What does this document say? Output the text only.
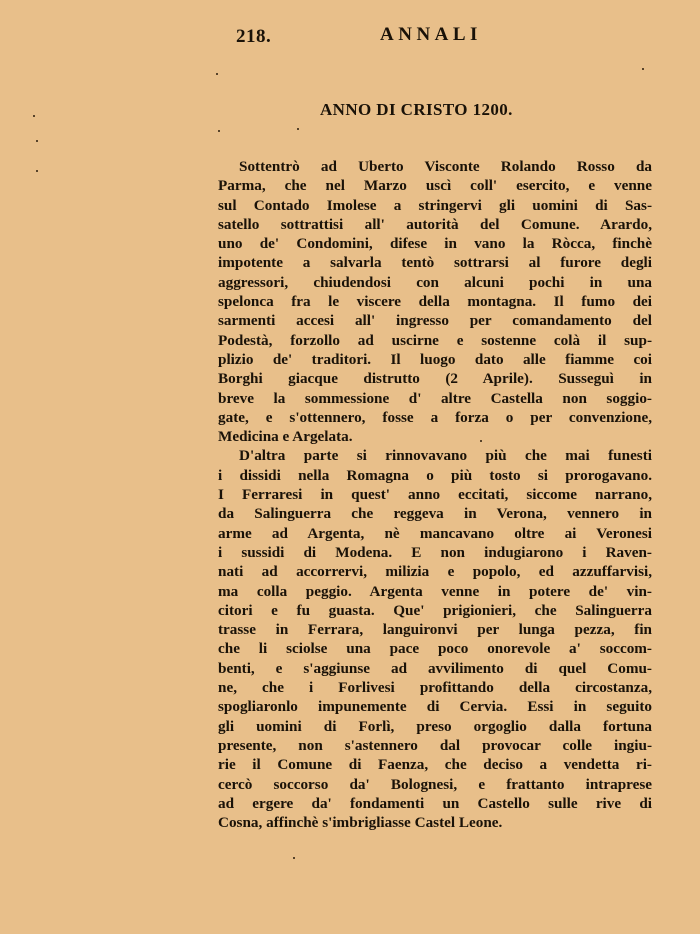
218.	ANNALI
ANNO DI CRISTO 1200.
Sottentrò ad Uberto Visconte Rolando Rosso da
Parma, che nel Marzo uscì coll' esercito, e venne
sul Contado Imolese a stringervi gli uomini di Sas-
satello sottrattisi all' autorità del Comune. Arardo,
uno de' Condomini, difese in vano la Ròcca, finchè
impotente a salvarla tentò sottrarsi al furore degli
aggressori, chiudendosi con alcuni pochi in una
spelonca fra le viscere della montagna. Il fumo dei
sarmenti accesi all' ingresso per comandamento del
Podestà, forzollo ad uscirne e sostenne colà il sup-
plizio de' traditori. Il luogo dato alle fiamme coi
Borghi giacque distrutto (2 Aprile). Susseguì in
breve la sommessione d' altre Castella non soggio-
gate, e s'ottennero, fosse a forza o per convenzione,
Medicina e Argelata.
D'altra parte si rinnovavano più che mai funesti
i dissidi nella Romagna o più tosto si prorogavano.
I Ferraresi in quest' anno eccitati, siccome narrano,
da Salinguerra che reggeva in Verona, vennero in
arme ad Argenta, nè mancavano oltre ai Veronesi
i sussidi di Modena. E non indugiarono i Raven-
nati ad accorrervi, milizia e popolo, ed azzuffarvisi,
ma colla peggio. Argenta venne in potere de' vin-
citori e fu guasta. Que' prigionieri, che Salinguerra
trasse in Ferrara, languironvi per lunga pezza, fin
che li sciolse una pace poco onorevole a' soccom-
benti, e s'aggiunse ad avvilimento di quel Comu-
ne, che i Forlivesi profittando della circostanza,
spogliaronlo impunemente di Cervia. Essi in seguito
gli uomini di Forlì, preso orgoglio dalla fortuna
presente, non s'astennero dal provocar colle ingiu-
rie il Comune di Faenza, che deciso a vendetta ri-
cercò soccorso da' Bolognesi, e frattanto intraprese
ad ergere da' fondamenti un Castello sulle rive di
Cosna, affinchè s'imbrigliasse Castel Leone.
